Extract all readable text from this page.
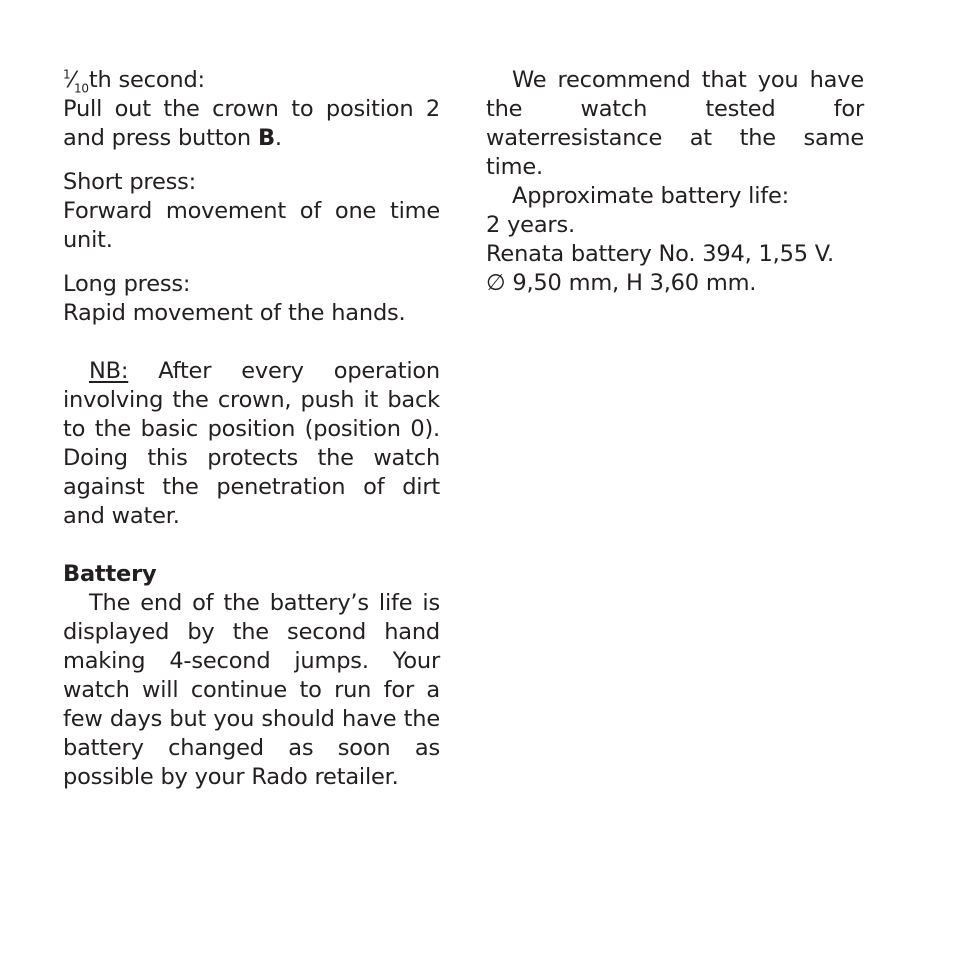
$^1⁄_{10}th$ second:

Pull out the crown to position 2 and press button B.

Short press:

Forward movement of one time unit.

Long press:

Rapid movement of the hands.

NB: After every operation involving the crown, push it back to the basic position (position 0). Doing this protects the watch against the penetration of dirt and water.

Battery

The end of the battery’s life is displayed by the second hand making 4-second jumps. Your watch will continue to run for a few days but you should have the battery changed as soon as possible by your Rado retailer.

We recommend that you have the watch tested for waterresistance at the same time.

Approximate battery life:

2 years.

Renata battery No. 394, 1,55 V.

∅ 9,50 mm, H 3,60 mm.
